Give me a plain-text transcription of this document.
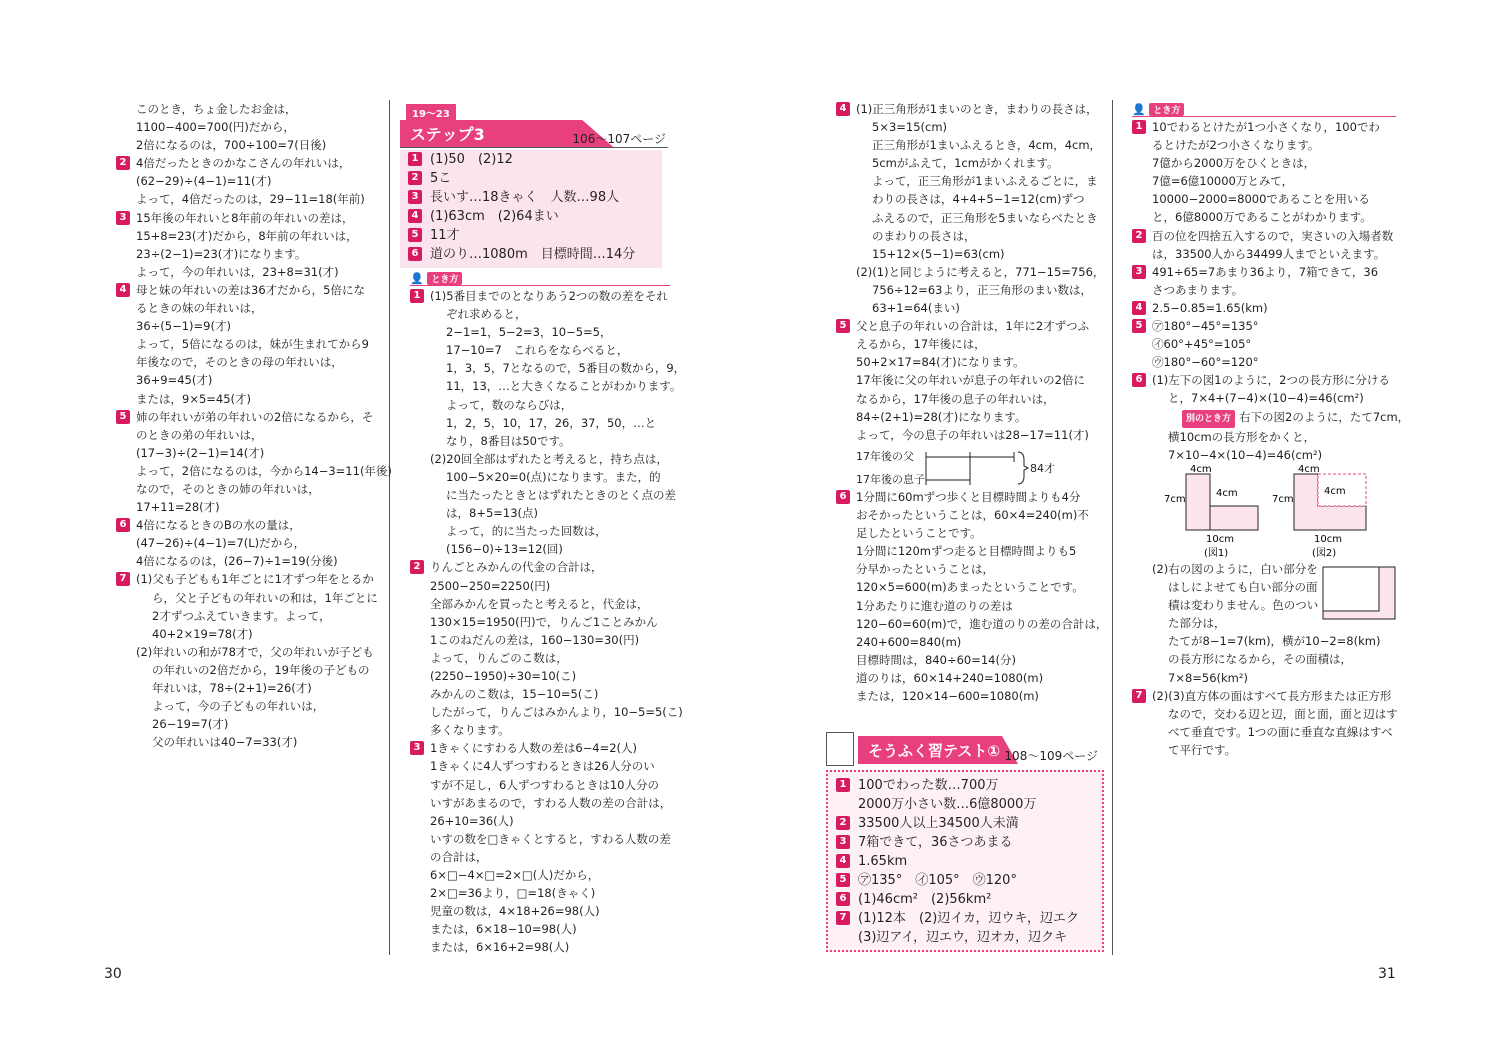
30	31
このとき，ちょ金したお金は，
1100−400=700(円)だから，
2倍になるのは，700÷100=7(日後)
2 4倍だったときのかなこさんの年れいは，
(62−29)÷(4−1)=11(才)
よって，4倍だったのは，29−11=18(年前)
3 15年後の年れいと8年前の年れいの差は，
15+8=23(才)だから，8年前の年れいは，
23÷(2−1)=23(才)になります。
よって，今の年れいは，23+8=31(才)
4 母と妹の年れいの差は36才だから，5倍にな
るときの妹の年れいは，
36÷(5−1)=9(才)
よって，5倍になるのは，妹が生まれてから9
年後なので，そのときの母の年れいは，
36+9=45(才)
または，9×5=45(才)
5 姉の年れいが弟の年れいの2倍になるから，そ
のときの弟の年れいは，
(17−3)÷(2−1)=14(才)
よって，2倍になるのは，今から14−3=11(年後)
なので，そのときの姉の年れいは，
17+11=28(才)
6 4倍になるときのBの水の量は，
(47−26)÷(4−1)=7(L)だから，
4倍になるのは，(26−7)÷1=19(分後)
7 (1)父も子どもも1年ごとに1才ずつ年をとるか
ら，父と子どもの年れいの和は，1年ごとに
2才ずつふえていきます。よって，
40+2×19=78(才)
(2)年れいの和が78才で，父の年れいが子ども
の年れいの2倍だから，19年後の子どもの
年れいは，78÷(2+1)=26(才)
よって，今の子どもの年れいは，
26−19=7(才)
父の年れいは40−7=33(才)
19～23
ステップ3	106～107ページ
1 (1)50　(2)12
2 5こ
3 長いす…18きゃく　人数…98人
4 (1)63cm　(2)64まい
5 11才
6 道のり…1080m　目標時間…14分
👤 とき方
1 (1)5番目までのとなりあう2つの数の差をそれ
ぞれ求めると，
2−1=1，5−2=3，10−5=5，
17−10=7　これらをならべると，
1，3，5，7となるので，5番目の数から，9，
11，13，…と大きくなることがわかります。
よって，数のならびは，
1，2，5，10，17，26，37，50，…と
なり，8番目は50です。
(2)20回全部はずれたと考えると，持ち点は，
100−5×20=0(点)になります。また，的
に当たったときとはずれたときのとく点の差
は，8+5=13(点)
よって，的に当たった回数は，
(156−0)÷13=12(回)
2 りんごとみかんの代金の合計は，
2500−250=2250(円)
全部みかんを買ったと考えると，代金は，
130×15=1950(円)で，りんご1ことみかん
1このねだんの差は，160−130=30(円)
よって，りんごのこ数は，
(2250−1950)÷30=10(こ)
みかんのこ数は，15−10=5(こ)
したがって，りんごはみかんより，10−5=5(こ)
多くなります。
3 1きゃくにすわる人数の差は6−4=2(人)
1きゃくに4人ずつすわるときは26人分のい
すが不足し，6人ずつすわるときは10人分の
いすがあまるので，すわる人数の差の合計は，
26+10=36(人)
いすの数を□きゃくとすると，すわる人数の差
の合計は，
6×□−4×□=2×□(人)だから，
2×□=36より，□=18(きゃく)
児童の数は，4×18+26=98(人)
または，6×18−10=98(人)
または，6×16+2=98(人)
4 (1)正三角形が1まいのとき，まわりの長さは，
5×3=15(cm)
正三角形が1まいふえるとき，4cm，4cm，
5cmがふえて，1cmがかくれます。
よって，正三角形が1まいふえるごとに，ま
わりの長さは，4+4+5−1=12(cm)ずつ
ふえるので，正三角形を5まいならべたとき
のまわりの長さは，
15+12×(5−1)=63(cm)
(2)(1)と同じように考えると，771−15=756，
756÷12=63より，正三角形のまい数は，
63+1=64(まい)
5 父と息子の年れいの合計は，1年に2才ずつふ
えるから，17年後には，
50+2×17=84(才)になります。
17年後に父の年れいが息子の年れいの2倍に
なるから，17年後の息子の年れいは，
84÷(2+1)=28(才)になります。
よって，今の息子の年れいは28−17=11(才)
17年後の父
17年後の息子
84才
6 1分間に60mずつ歩くと目標時間よりも4分
おそかったということは，60×4=240(m)不
足したということです。
1分間に120mずつ走ると目標時間よりも5
分早かったということは，
120×5=600(m)あまったということです。
1分あたりに進む道のりの差は
120−60=60(m)で，進む道のりの差の合計は，
240+600=840(m)
目標時間は，840÷60=14(分)
道のりは，60×14+240=1080(m)
または，120×14−600=1080(m)
そうふく習テスト① 108～109ページ
1 100でわった数…700万
2000万小さい数…6億8000万
2 33500人以上34500人未満
3 7箱できて，36さつあまる
4 1.65km
5 ㋐135°　㋑105°　㋒120°
6 (1)46cm²　(2)56km²
7 (1)12本　(2)辺イカ，辺ウキ，辺エク
(3)辺アイ，辺エウ，辺オカ，辺クキ
👤 とき方
1 10でわるとけたが1つ小さくなり，100でわ
るとけたが2つ小さくなります。
7億から2000万をひくときは，
7億=6億10000万とみて，
10000−2000=8000であることを用いる
と，6億8000万であることがわかります。
2 百の位を四捨五入するので，実さいの入場者数
は，33500人から34499人までといえます。
3 491÷65=7あまり36より，7箱できて，36
さつあまります。
4 2.5−0.85=1.65(km)
5 ㋐180°−45°=135°
㋑60°+45°=105°
㋒180°−60°=120°
6 (1)左下の図1のように，2つの長方形に分ける
と，7×4+(7−4)×(10−4)=46(cm²)
別のとき方 右下の図2のように，たて7cm，
横10cmの長方形をかくと，
7×10−4×(10−4)=46(cm²)
4cm
7cm
4cm
10cm
(図1)
4cm
7cm
4cm
10cm
(図2)
(2)右の図のように，白い部分を
はしによせても白い部分の面
積は変わりません。色のつい
た部分は，
たてが8−1=7(km)，横が10−2=8(km)
の長方形になるから，その面積は，
7×8=56(km²)
7 (2)(3)直方体の面はすべて長方形または正方形
なので，交わる辺と辺，面と面，面と辺はす
べて垂直です。1つの面に垂直な直線はすべ
て平行です。
